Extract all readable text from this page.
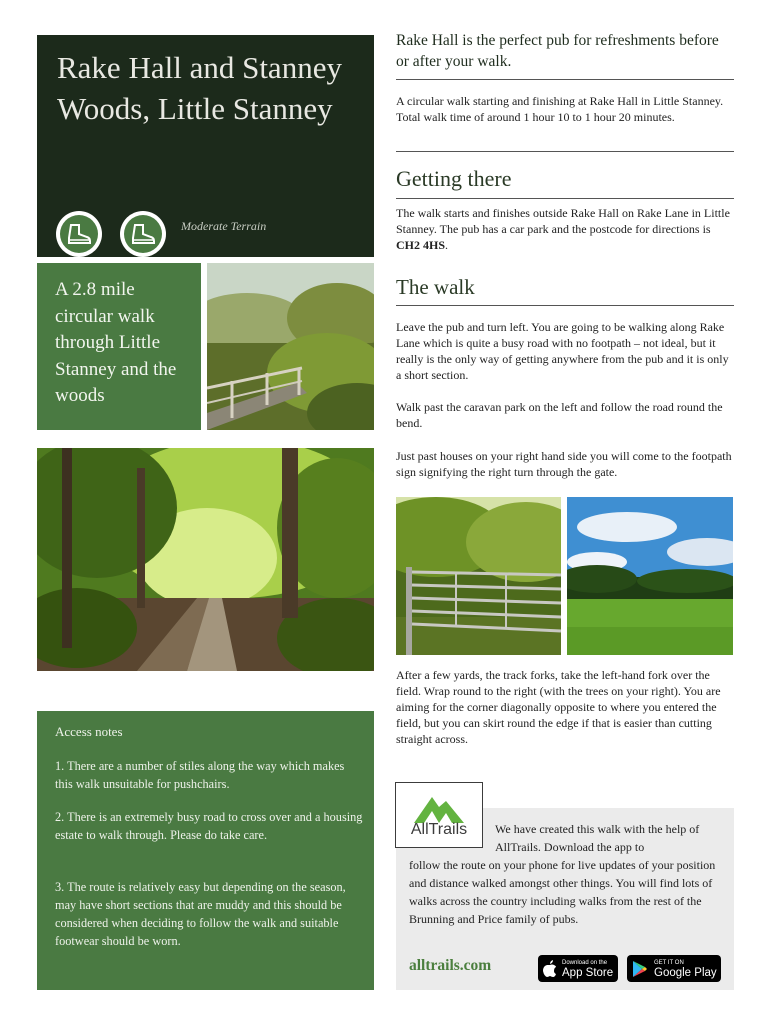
Rake Hall and Stanney Woods, Little Stanney
Moderate Terrain
A 2.8 mile circular walk through Little Stanney and the woods
Access notes
1. There are a number of stiles along the way which makes this walk unsuitable for pushchairs.
2. There is an extremely busy road to cross over and a housing estate to walk through. Please do take care.
3. The route is relatively easy but depending on the season, may have short sections that are muddy and this should be considered when deciding to follow the walk and suitable footwear should be worn.
Rake Hall is the perfect pub for refreshments before or after your walk.
A circular walk starting and finishing at Rake Hall in Little Stanney. Total walk time of around 1 hour 10 to 1 hour 20 minutes.
Getting there
The walk starts and finishes outside Rake Hall on Rake Lane in Little Stanney. The pub has a car park and the postcode for directions is CH2 4HS.
The walk
Leave the pub and turn left. You are going to be walking along Rake Lane which is quite a busy road with no footpath – not ideal, but it really is the only way of getting anywhere from the pub and it is only a short section.
Walk past the caravan park on the left and follow the road round the bend.
Just past houses on your right hand side you will come to the footpath sign signifying the right turn through the gate.
After a few yards, the track forks, take the left-hand fork over the field. Wrap round to the right (with the trees on your right). You are aiming for the corner diagonally opposite to where you entered the field, but you can skirt round the edge if that is easier than cutting straight across.
We have created this walk with the help of AllTrails. Download the app to
follow the route on your phone for live updates of your position and distance walked amongst other things. You will find lots of walks across the country including walks from the rest of the Brunning and Price family of pubs.
AllTrails
alltrails.com	Download on the
App Store
GET IT ON
Google Play
